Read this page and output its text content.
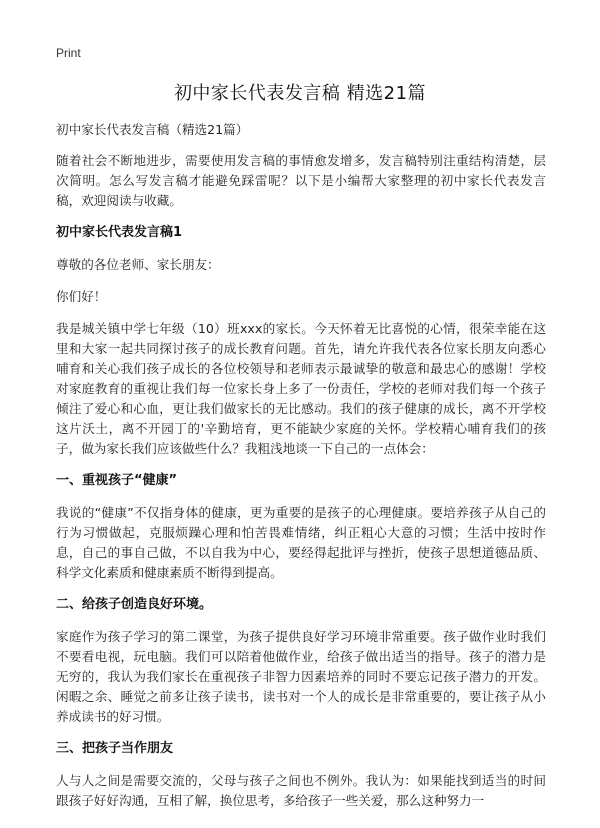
Print
初中家长代表发言稿 精选21篇

初中家长代表发言稿（精选21篇）

随着社会不断地进步，需要使用发言稿的事情愈发增多，发言稿特别注重结构清楚，层次简明。怎么写发言稿才能避免踩雷呢？以下是小编帮大家整理的初中家长代表发言稿，欢迎阅读与收藏。

初中家长代表发言稿1

尊敬的各位老师、家长朋友：

你们好！

我是城关镇中学七年级（10）班xxx的家长。今天怀着无比喜悦的心情，很荣幸能在这里和大家一起共同探讨孩子的成长教育问题。首先，请允许我代表各位家长朋友向悉心哺育和关心我们孩子成长的各位校领导和老师表示最诚挚的敬意和最忠心的感谢！学校对家庭教育的重视让我们每一位家长身上多了一份责任，学校的老师对我们每一个孩子倾注了爱心和心血，更让我们做家长的无比感动。我们的孩子健康的成长，离不开学校这片沃土，离不开园丁的'辛勤培育，更不能缺少家庭的关怀。学校精心哺育我们的孩子，做为家长我们应该做些什么？我粗浅地谈一下自己的一点体会：

一、重视孩子“健康”

我说的“健康”不仅指身体的健康，更为重要的是孩子的心理健康。要培养孩子从自己的行为习惯做起，克服烦躁心理和怕苦畏难情绪，纠正粗心大意的习惯；生活中按时作息，自己的事自己做，不以自我为中心，要经得起批评与挫折，使孩子思想道德品质、科学文化素质和健康素质不断得到提高。

二、给孩子创造良好环境。

家庭作为孩子学习的第二课堂，为孩子提供良好学习环境非常重要。孩子做作业时我们不要看电视，玩电脑。我们可以陪着他做作业，给孩子做出适当的指导。孩子的潜力是无穷的，我认为我们家长在重视孩子非智力因素培养的同时不要忘记孩子潜力的开发。闲暇之余、睡觉之前多让孩子读书，读书对一个人的成长是非常重要的，要让孩子从小养成读书的好习惯。

三、把孩子当作朋友

人与人之间是需要交流的，父母与孩子之间也不例外。我认为：如果能找到适当的时间跟孩子好好沟通，互相了解，换位思考，多给孩子一些关爱，那么这种努力一
